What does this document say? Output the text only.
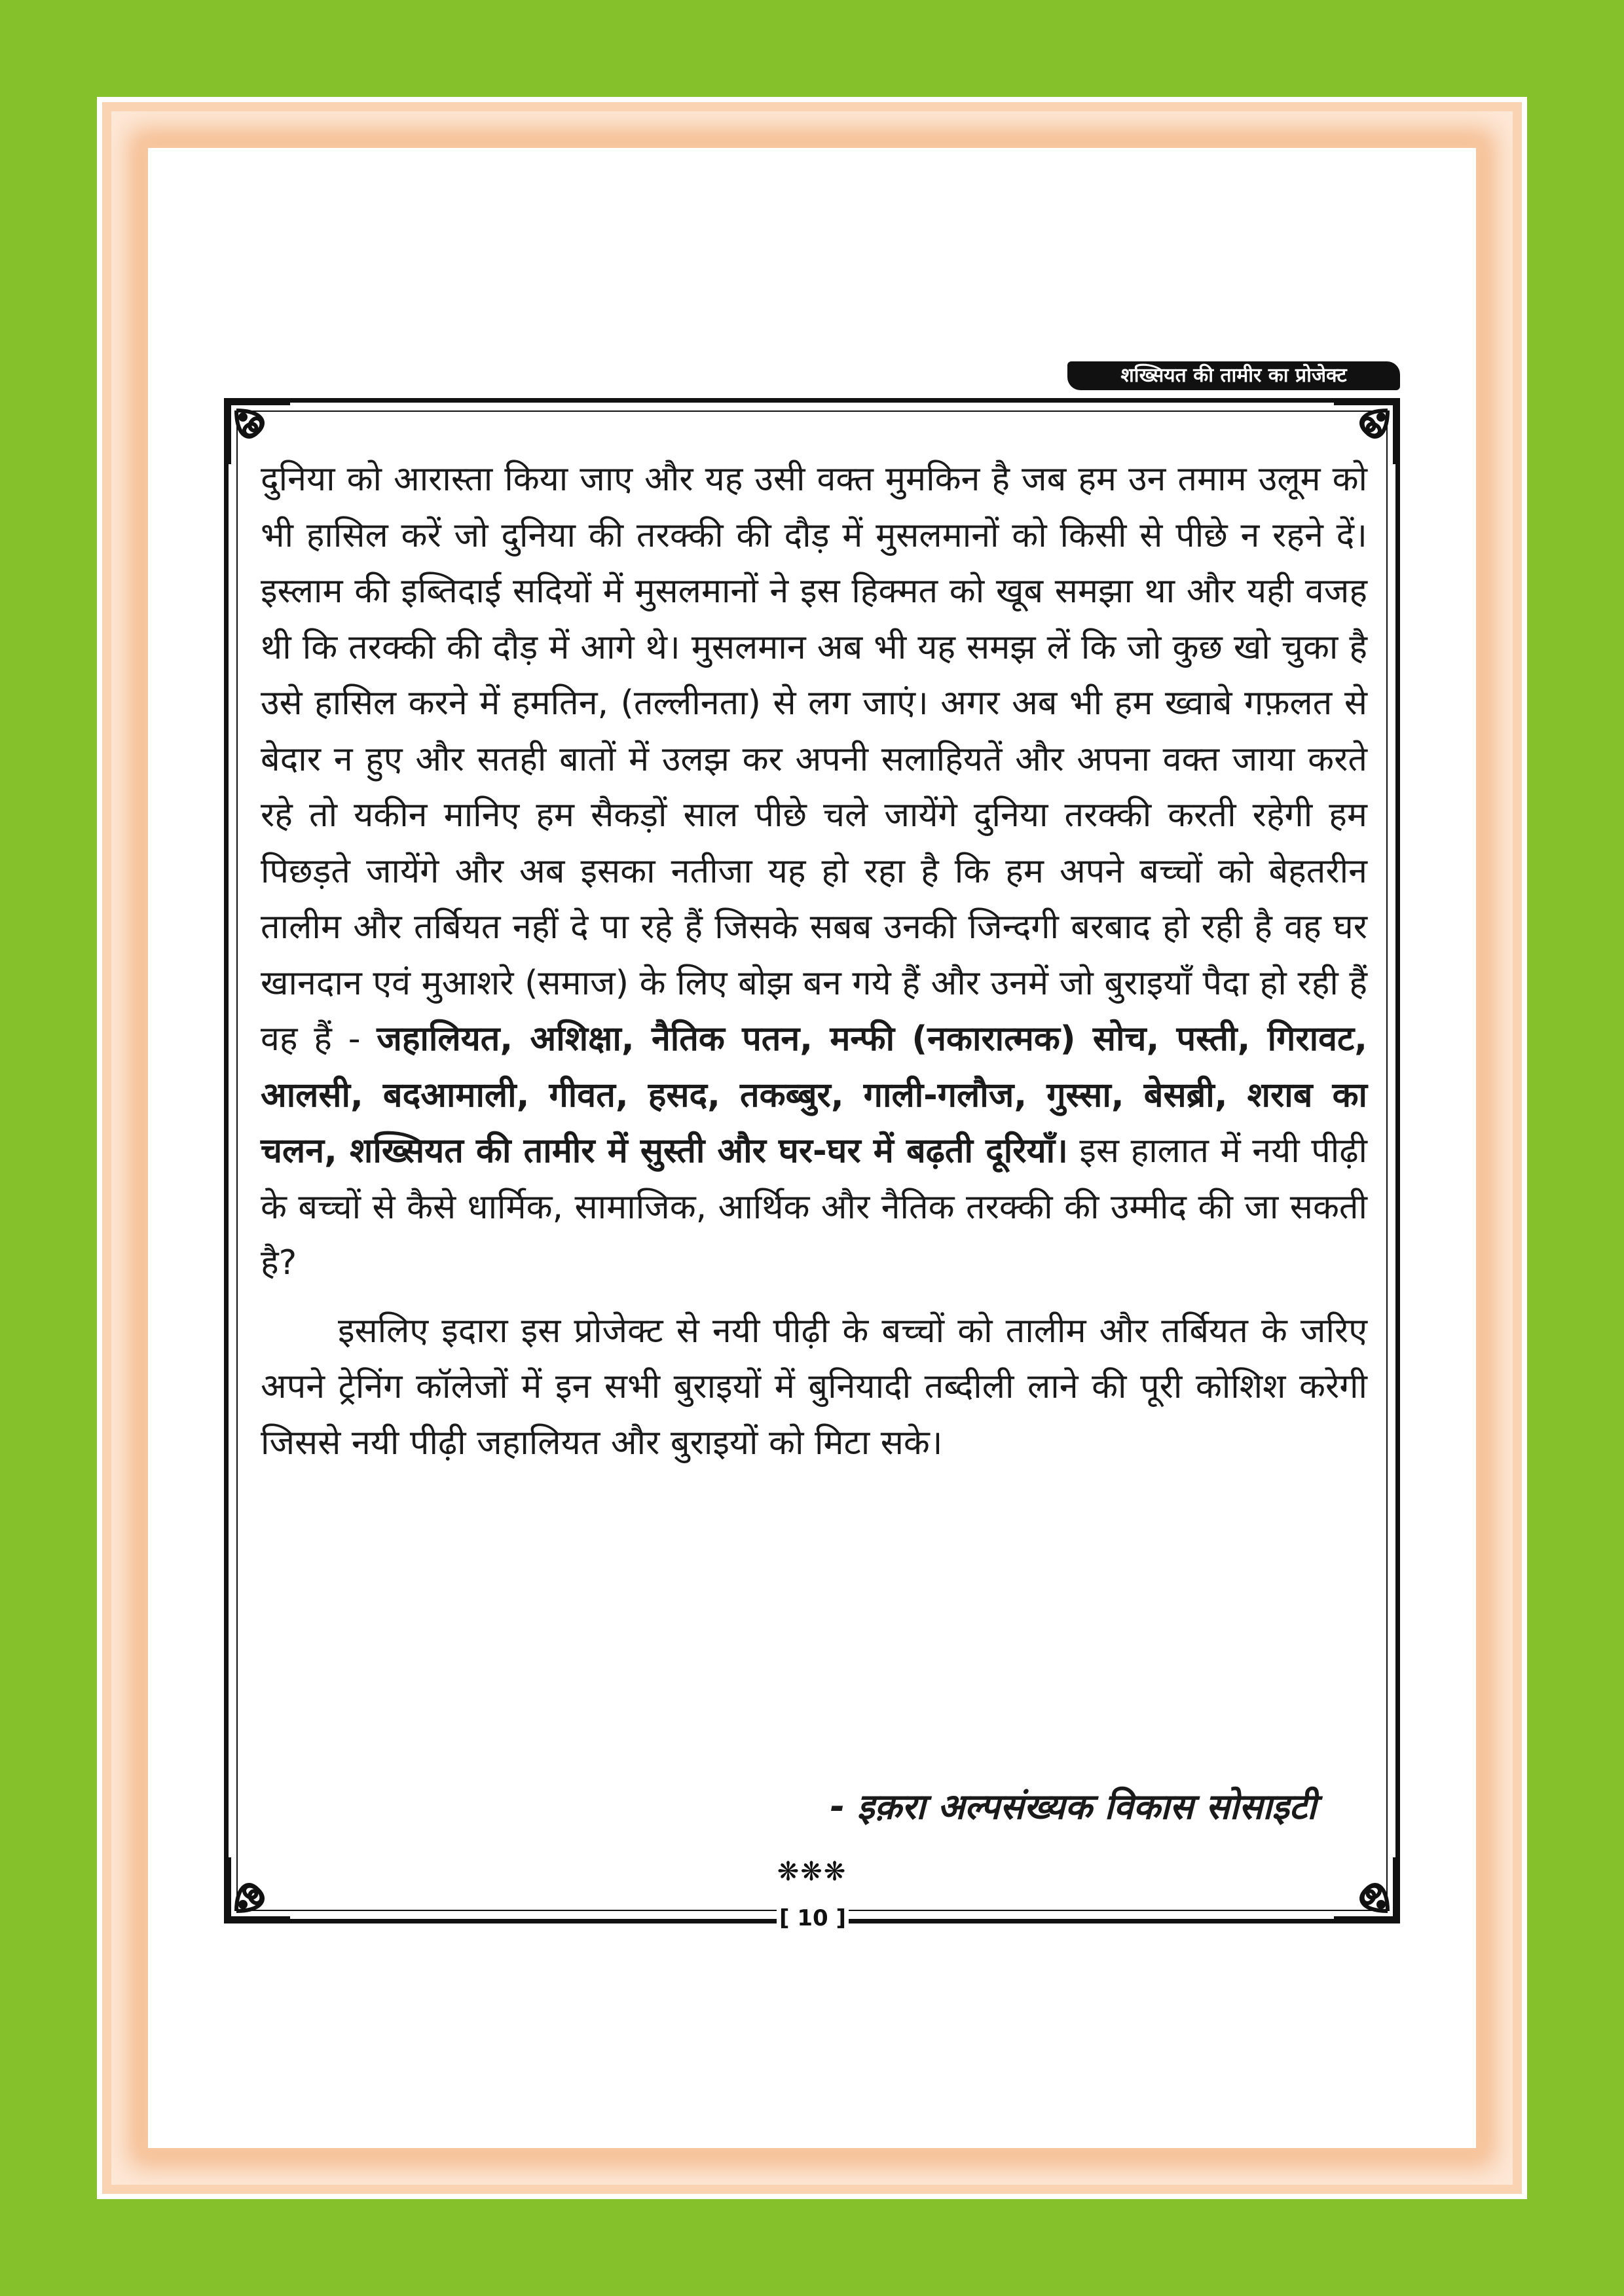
शख्सियत की तामीर का प्रोजेक्ट

दुनिया को आरास्ता किया जाए और यह उसी वक्त मुमकिन है जब हम उन तमाम उलूम को भी हासिल करें जो दुनिया की तरक्की की दौड़ में मुसलमानों को किसी से पीछे न रहने दें। इस्लाम की इब्तिदाई सदियों में मुसलमानों ने इस हिक्मत को खूब समझा था और यही वजह थी कि तरक्की की दौड़ में आगे थे। मुसलमान अब भी यह समझ लें कि जो कुछ खो चुका है उसे हासिल करने में हमतिन, (तल्लीनता) से लग जाएं। अगर अब भी हम ख्वाबे गफ़लत से बेदार न हुए और सतही बातों में उलझ कर अपनी सलाहियतें और अपना वक्त जाया करते रहे तो यकीन मानिए हम सैकड़ों साल पीछे चले जायेंगे दुनिया तरक्की करती रहेगी हम पिछड़ते जायेंगे और अब इसका नतीजा यह हो रहा है कि हम अपने बच्चों को बेहतरीन तालीम और तर्बियत नहीं दे पा रहे हैं जिसके सबब उनकी जिन्दगी बरबाद हो रही है वह घर खानदान एवं मुआशरे (समाज) के लिए बोझ बन गये हैं और उनमें जो बुराइयाँ पैदा हो रही हैं वह हैं - जहालियत, अशिक्षा, नैतिक पतन, मन्फी (नकारात्मक) सोच, पस्ती, गिरावट, आलसी, बदआमाली, गीवत, हसद, तकब्बुर, गाली-गलौज, गुस्सा, बेसब्री, शराब का चलन, शख्सियत की तामीर में सुस्ती और घर-घर में बढ़ती दूरियाँ। इस हालात में नयी पीढ़ी के बच्चों से कैसे धार्मिक, सामाजिक, आर्थिक और नैतिक तरक्की की उम्मीद की जा सकती है?

इसलिए इदारा इस प्रोजेक्ट से नयी पीढ़ी के बच्चों को तालीम और तर्बियत के जरिए अपने ट्रेनिंग कॉलेजों में इन सभी बुराइयों में बुनियादी तब्दीली लाने की पूरी कोशिश करेगी जिससे नयी पीढ़ी जहालियत और बुराइयों को मिटा सके।

- इक़रा अल्पसंख्यक विकास सोसाइटी
❋❋❋
[ 10 ]
